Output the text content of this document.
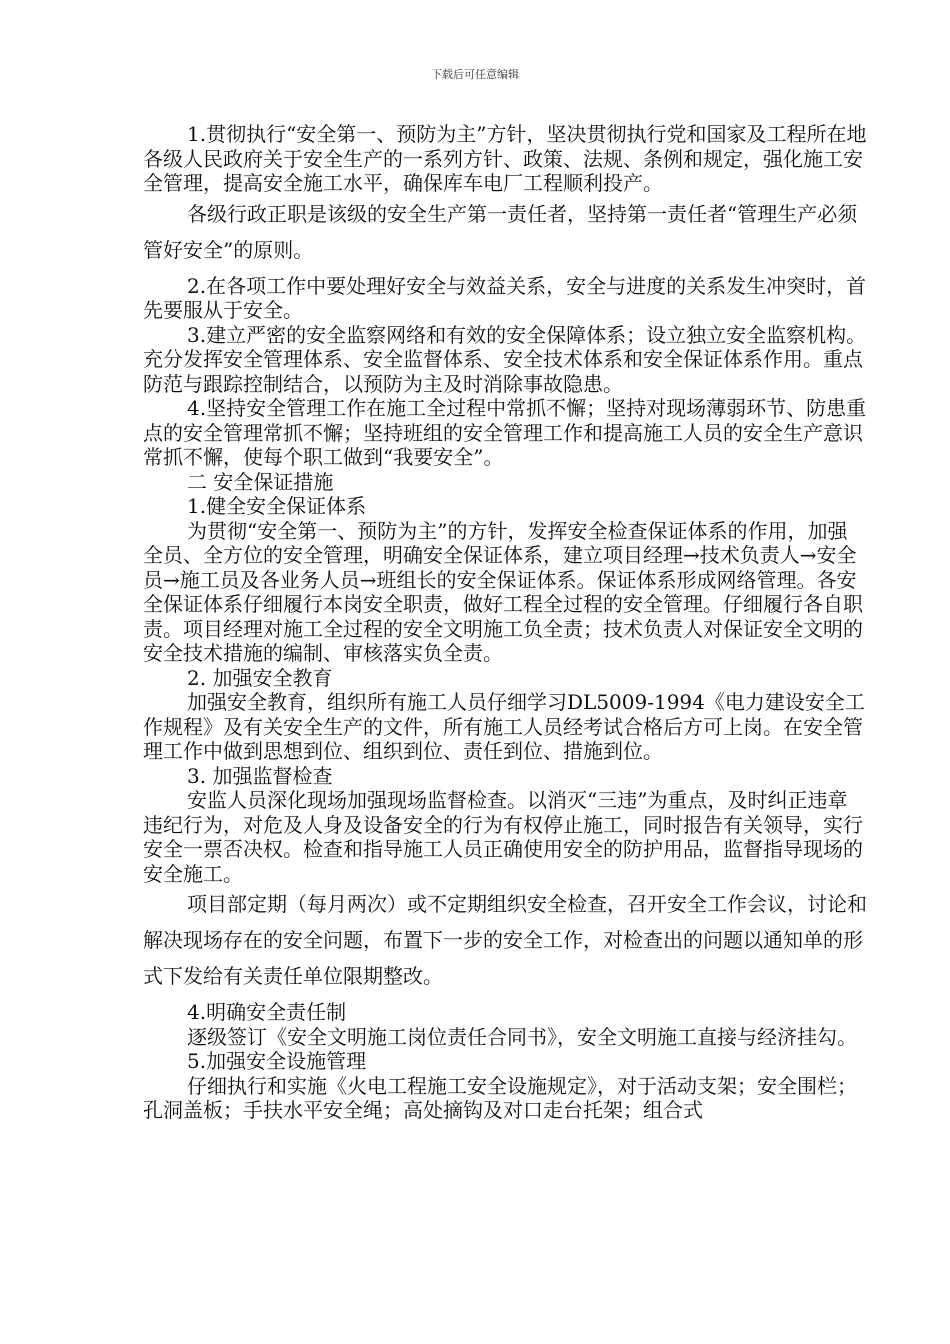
下载后可任意编辑

1.贯彻执行“安全第一、预防为主”方针，坚决贯彻执行党和国家及工程所在地各级人民政府关于安全生产的一系列方针、政策、法规、条例和规定，强化施工安全管理，提高安全施工水平，确保库车电厂工程顺利投产。

各级行政正职是该级的安全生产第一责任者，坚持第一责任者“管理生产必须管好安全”的原则。

2.在各项工作中要处理好安全与效益关系，安全与进度的关系发生冲突时，首先要服从于安全。

3.建立严密的安全监察网络和有效的安全保障体系；设立独立安全监察机构。充分发挥安全管理体系、安全监督体系、安全技术体系和安全保证体系作用。重点防范与跟踪控制结合，以预防为主及时消除事故隐患。

4.坚持安全管理工作在施工全过程中常抓不懈；坚持对现场薄弱环节、防患重点的安全管理常抓不懈；坚持班组的安全管理工作和提高施工人员的安全生产意识常抓不懈，使每个职工做到“我要安全”。

二 安全保证措施

1.健全安全保证体系

为贯彻“安全第一、预防为主”的方针，发挥安全检查保证体系的作用，加强全员、全方位的安全管理，明确安全保证体系，建立项目经理→技术负责人→安全员→施工员及各业务人员→班组长的安全保证体系。保证体系形成网络管理。各安全保证体系仔细履行本岗安全职责，做好工程全过程的安全管理。仔细履行各自职责。项目经理对施工全过程的安全文明施工负全责；技术负责人对保证安全文明的安全技术措施的编制、审核落实负全责。

2. 加强安全教育

加强安全教育，组织所有施工人员仔细学习DL5009-1994《电力建设安全工作规程》及有关安全生产的文件，所有施工人员经考试合格后方可上岗。在安全管理工作中做到思想到位、组织到位、责任到位、措施到位。

3. 加强监督检查

安监人员深化现场加强现场监督检查。以消灭“三违”为重点，及时纠正违章违纪行为，对危及人身及设备安全的行为有权停止施工，同时报告有关领导，实行安全一票否决权。检查和指导施工人员正确使用安全的防护用品，监督指导现场的安全施工。

项目部定期（每月两次）或不定期组织安全检查，召开安全工作会议，讨论和解决现场存在的安全问题，布置下一步的安全工作，对检查出的问题以通知单的形式下发给有关责任单位限期整改。

4.明确安全责任制

逐级签订《安全文明施工岗位责任合同书》，安全文明施工直接与经济挂勾。

5.加强安全设施管理

仔细执行和实施《火电工程施工安全设施规定》，对于活动支架；安全围栏；孔洞盖板；手扶水平安全绳；高处摘钩及对口走台托架；组合式
